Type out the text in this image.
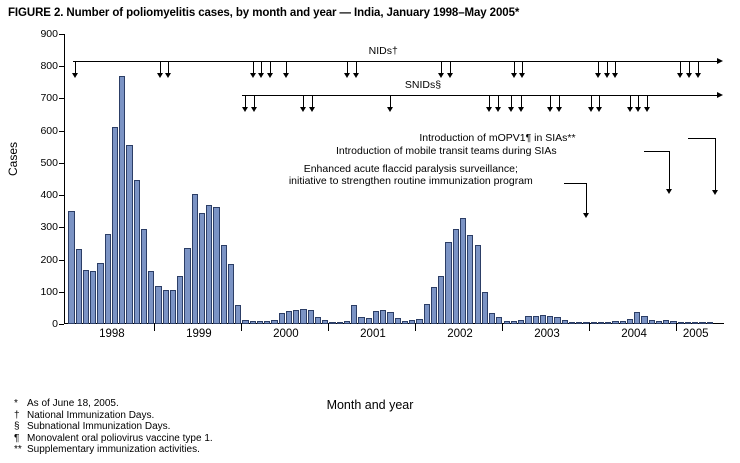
FIGURE 2. Number of poliomyelitis cases, by month and year — India, January 1998–May 2005*
0
100
200
300
400
500
600
700
800
900
1998	1999	2000	2001	2002	2003	2004	2005
NIDs†
SNIDs§
Introduction of mOPV1¶ in SIAs**
Introduction of mobile transit teams during SIAs
Enhanced acute flaccid paralysis surveillance;
initiative to strengthen routine immunization program
Cases
Month and year
* As of June 18, 2005.
† National Immunization Days.
§ Subnational Immunization Days.
¶ Monovalent oral poliovirus vaccine type 1.
** Supplementary immunization activities.
